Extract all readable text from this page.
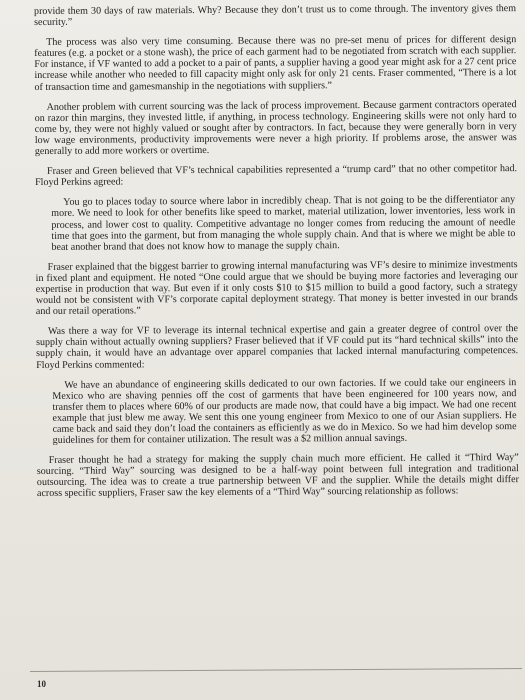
provide them 30 days of raw materials. Why? Because they don’t trust us to come through. The inventory gives them security.”

The process was also very time consuming. Because there was no pre-set menu of prices for different design features (e.g. a pocket or a stone wash), the price of each garment had to be negotiated from scratch with each supplier. For instance, if VF wanted to add a pocket to a pair of pants, a supplier having a good year might ask for a 27 cent price increase while another who needed to fill capacity might only ask for only 21 cents. Fraser commented, “There is a lot of transaction time and gamesmanship in the negotiations with suppliers.”

Another problem with current sourcing was the lack of process improvement. Because garment contractors operated on razor thin margins, they invested little, if anything, in process technology. Engineering skills were not only hard to come by, they were not highly valued or sought after by contractors. In fact, because they were generally born in very low wage environments, productivity improvements were never a high priority. If problems arose, the answer was generally to add more workers or overtime.

Fraser and Green believed that VF’s technical capabilities represented a “trump card” that no other competitor had. Floyd Perkins agreed:

You go to places today to source where labor in incredibly cheap. That is not going to be the differentiator any more. We need to look for other benefits like speed to market, material utilization, lower inventories, less work in process, and lower cost to quality. Competitive advantage no longer comes from reducing the amount of needle time that goes into the garment, but from managing the whole supply chain. And that is where we might be able to beat another brand that does not know how to manage the supply chain.

Fraser explained that the biggest barrier to growing internal manufacturing was VF’s desire to minimize investments in fixed plant and equipment. He noted “One could argue that we should be buying more factories and leveraging our expertise in production that way. But even if it only costs $10 to $15 million to build a good factory, such a strategy would not be consistent with VF’s corporate capital deployment strategy. That money is better invested in our brands and our retail operations.”

Was there a way for VF to leverage its internal technical expertise and gain a greater degree of control over the supply chain without actually owning suppliers? Fraser believed that if VF could put its “hard technical skills” into the supply chain, it would have an advantage over apparel companies that lacked internal manufacturing competences. Floyd Perkins commented:

We have an abundance of engineering skills dedicated to our own factories. If we could take our engineers in Mexico who are shaving pennies off the cost of garments that have been engineered for 100 years now, and transfer them to places where 60% of our products are made now, that could have a big impact. We had one recent example that just blew me away. We sent this one young engineer from Mexico to one of our Asian suppliers. He came back and said they don’t load the containers as efficiently as we do in Mexico. So we had him develop some guidelines for them for container utilization. The result was a $2 million annual savings.

Fraser thought he had a strategy for making the supply chain much more efficient. He called it “Third Way” sourcing. “Third Way” sourcing was designed to be a half-way point between full integration and traditional outsourcing. The idea was to create a true partnership between VF and the supplier. While the details might differ across specific suppliers, Fraser saw the key elements of a “Third Way” sourcing relationship as follows:

10
